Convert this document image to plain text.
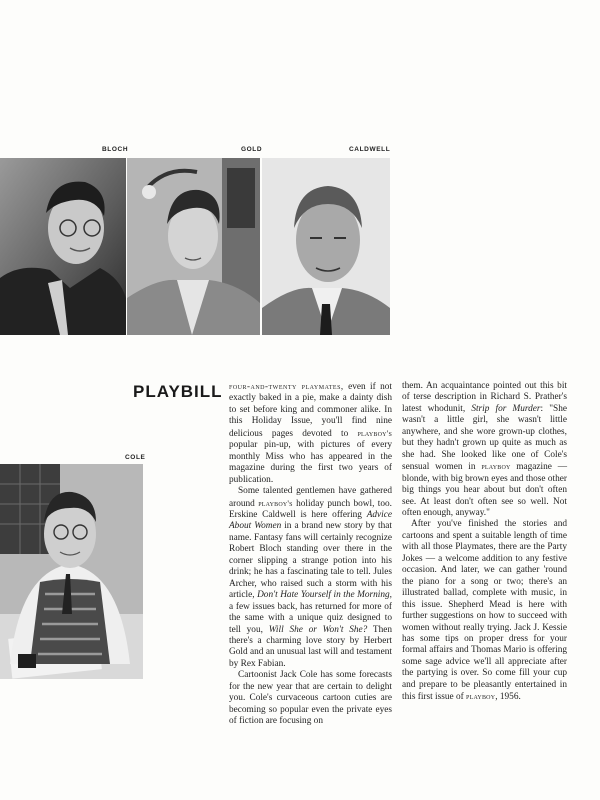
BLOCH	GOLD	CALDWELL
COLE
PLAYBILL four-and-twenty playmates, even if not exactly baked in a pie, make a dainty dish to set before king and commoner alike. In this Holiday Issue, you'll find nine delicious pages devoted to playboy's popular pin-up, with pictures of every monthly Miss who has appeared in the magazine during the first two years of publication.

Some talented gentlemen have gathered around playboy's holiday punch bowl, too. Erskine Caldwell is here offering Advice About Women in a brand new story by that name. Fantasy fans will certainly recognize Robert Bloch standing over there in the corner slipping a strange potion into his drink; he has a fascinating tale to tell. Jules Archer, who raised such a storm with his article, Don't Hate Yourself in the Morning, a few issues back, has returned for more of the same with a unique quiz designed to tell you, Will She or Won't She? Then there's a charming love story by Herbert Gold and an unusual last will and testament by Rex Fabian.

Cartoonist Jack Cole has some forecasts for the new year that are certain to delight you. Cole's curvaceous cartoon cuties are becoming so popular even the private eyes of fiction are focusing on

them. An acquaintance pointed out this bit of terse description in Richard S. Prather's latest whodunit, Strip for Murder: "She wasn't a little girl, she wasn't little anywhere, and she wore grown-up clothes, but they hadn't grown up quite as much as she had. She looked like one of Cole's sensual women in playboy magazine — blonde, with big brown eyes and those other big things you hear about but don't often see. At least don't often see so well. Not often enough, anyway."

After you've finished the stories and cartoons and spent a suitable length of time with all those Playmates, there are the Party Jokes — a welcome addition to any festive occasion. And later, we can gather 'round the piano for a song or two; there's an illustrated ballad, complete with music, in this issue. Shepherd Mead is here with further suggestions on how to succeed with women without really trying. Jack J. Kessie has some tips on proper dress for your formal affairs and Thomas Mario is offering some sage advice we'll all appreciate after the partying is over. So come fill your cup and prepare to be pleasantly entertained in this first issue of playboy, 1956.
